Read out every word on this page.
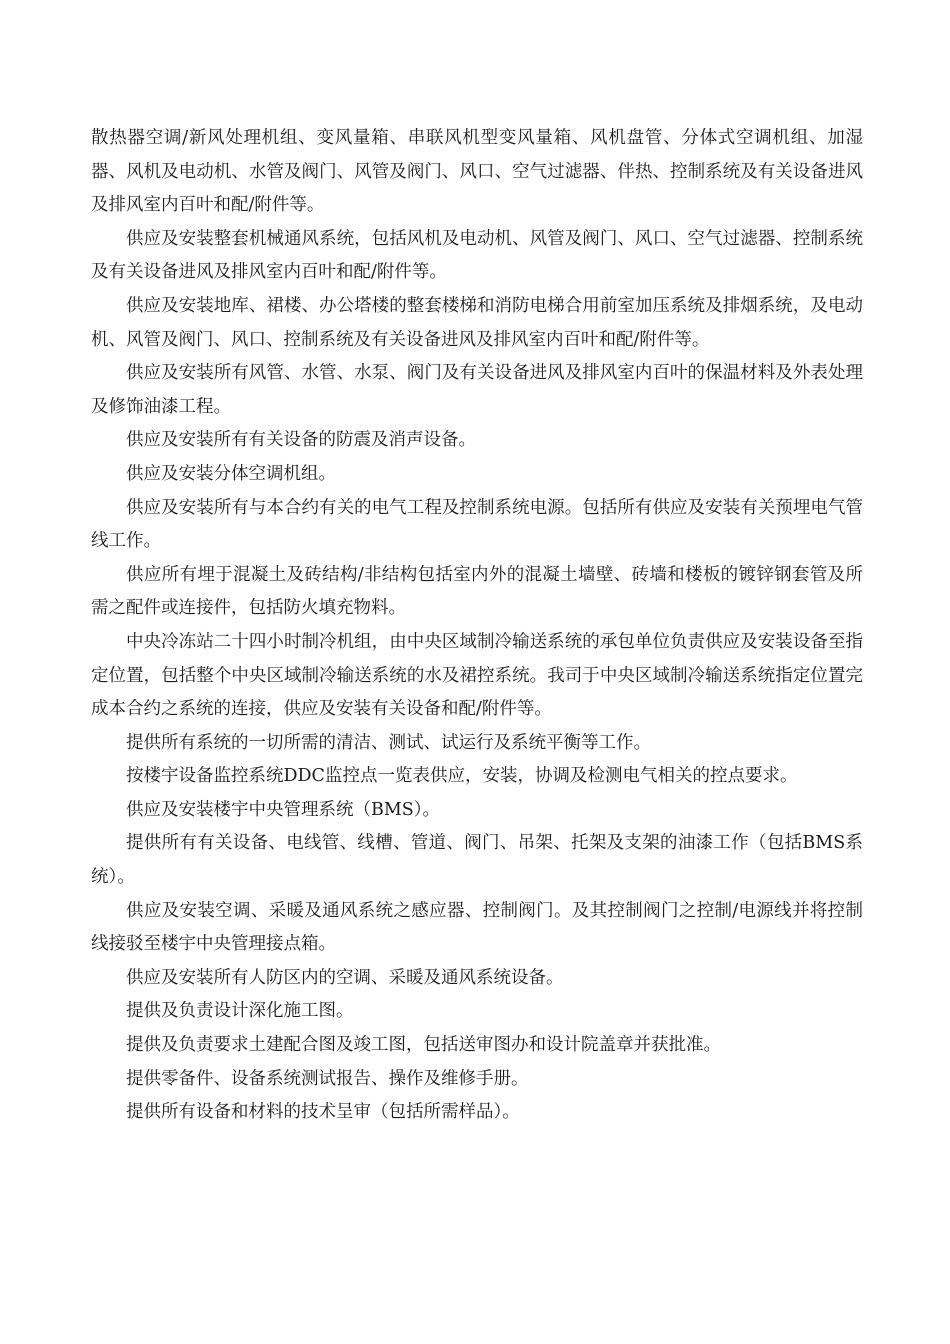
散热器空调/新风处理机组、变风量箱、串联风机型变风量箱、风机盘管、分体式空调机组、加湿器、风机及电动机、水管及阀门、风管及阀门、风口、空气过滤器、伴热、控制系统及有关设备进风及排风室内百叶和配/附件等。

供应及安装整套机械通风系统，包括风机及电动机、风管及阀门、风口、空气过滤器、控制系统及有关设备进风及排风室内百叶和配/附件等。

供应及安装地库、裙楼、办公塔楼的整套楼梯和消防电梯合用前室加压系统及排烟系统，及电动机、风管及阀门、风口、控制系统及有关设备进风及排风室内百叶和配/附件等。

供应及安装所有风管、水管、水泵、阀门及有关设备进风及排风室内百叶的保温材料及外表处理及修饰油漆工程。

供应及安装所有有关设备的防震及消声设备。

供应及安装分体空调机组。

供应及安装所有与本合约有关的电气工程及控制系统电源。包括所有供应及安装有关预埋电气管线工作。

供应所有埋于混凝土及砖结构/非结构包括室内外的混凝土墙壁、砖墙和楼板的镀锌钢套管及所需之配件或连接件，包括防火填充物料。

中央冷冻站二十四小时制冷机组，由中央区域制冷输送系统的承包单位负责供应及安装设备至指定位置，包括整个中央区域制冷输送系统的水及裙控系统。我司于中央区域制冷输送系统指定位置完成本合约之系统的连接，供应及安装有关设备和配/附件等。

提供所有系统的一切所需的清洁、测试、试运行及系统平衡等工作。

按楼宇设备监控系统DDC监控点一览表供应，安装，协调及检测电气相关的控点要求。

供应及安装楼宇中央管理系统（BMS）。

提供所有有关设备、电线管、线槽、管道、阀门、吊架、托架及支架的油漆工作（包括BMS系统）。

供应及安装空调、采暖及通风系统之感应器、控制阀门。及其控制阀门之控制/电源线并将控制线接驳至楼宇中央管理接点箱。

供应及安装所有人防区内的空调、采暖及通风系统设备。

提供及负责设计深化施工图。

提供及负责要求土建配合图及竣工图，包括送审图办和设计院盖章并获批准。

提供零备件、设备系统测试报告、操作及维修手册。

提供所有设备和材料的技术呈审（包括所需样品）。
